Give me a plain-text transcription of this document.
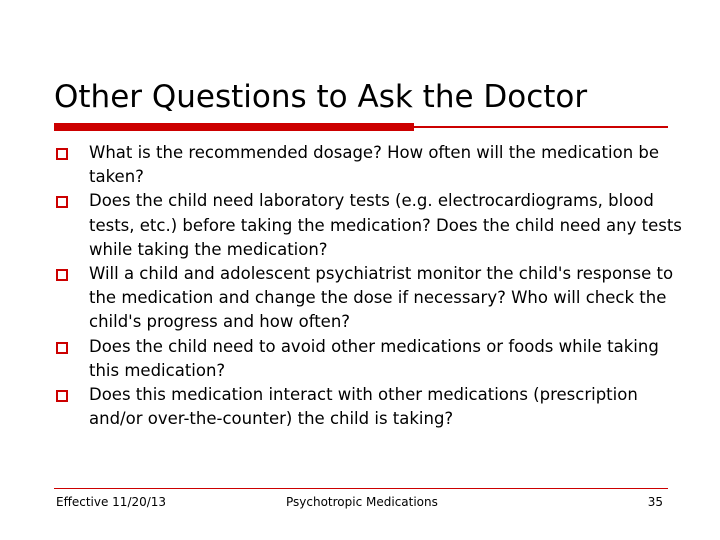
Other Questions to Ask the Doctor
What is the recommended dosage? How often will the medication be taken?
Does the child need laboratory tests (e.g. electrocardiograms, blood tests, etc.) before taking the medication? Does the child need any tests while taking the medication?
Will a child and adolescent psychiatrist monitor the child's response to the medication and change the dose if necessary? Who will check the child's progress and how often?
Does the child need to avoid other medications or foods while taking this medication?
Does this medication interact with other medications (prescription and/or over-the-counter) the child is taking?
Effective 11/20/13	Psychotropic Medications	35
